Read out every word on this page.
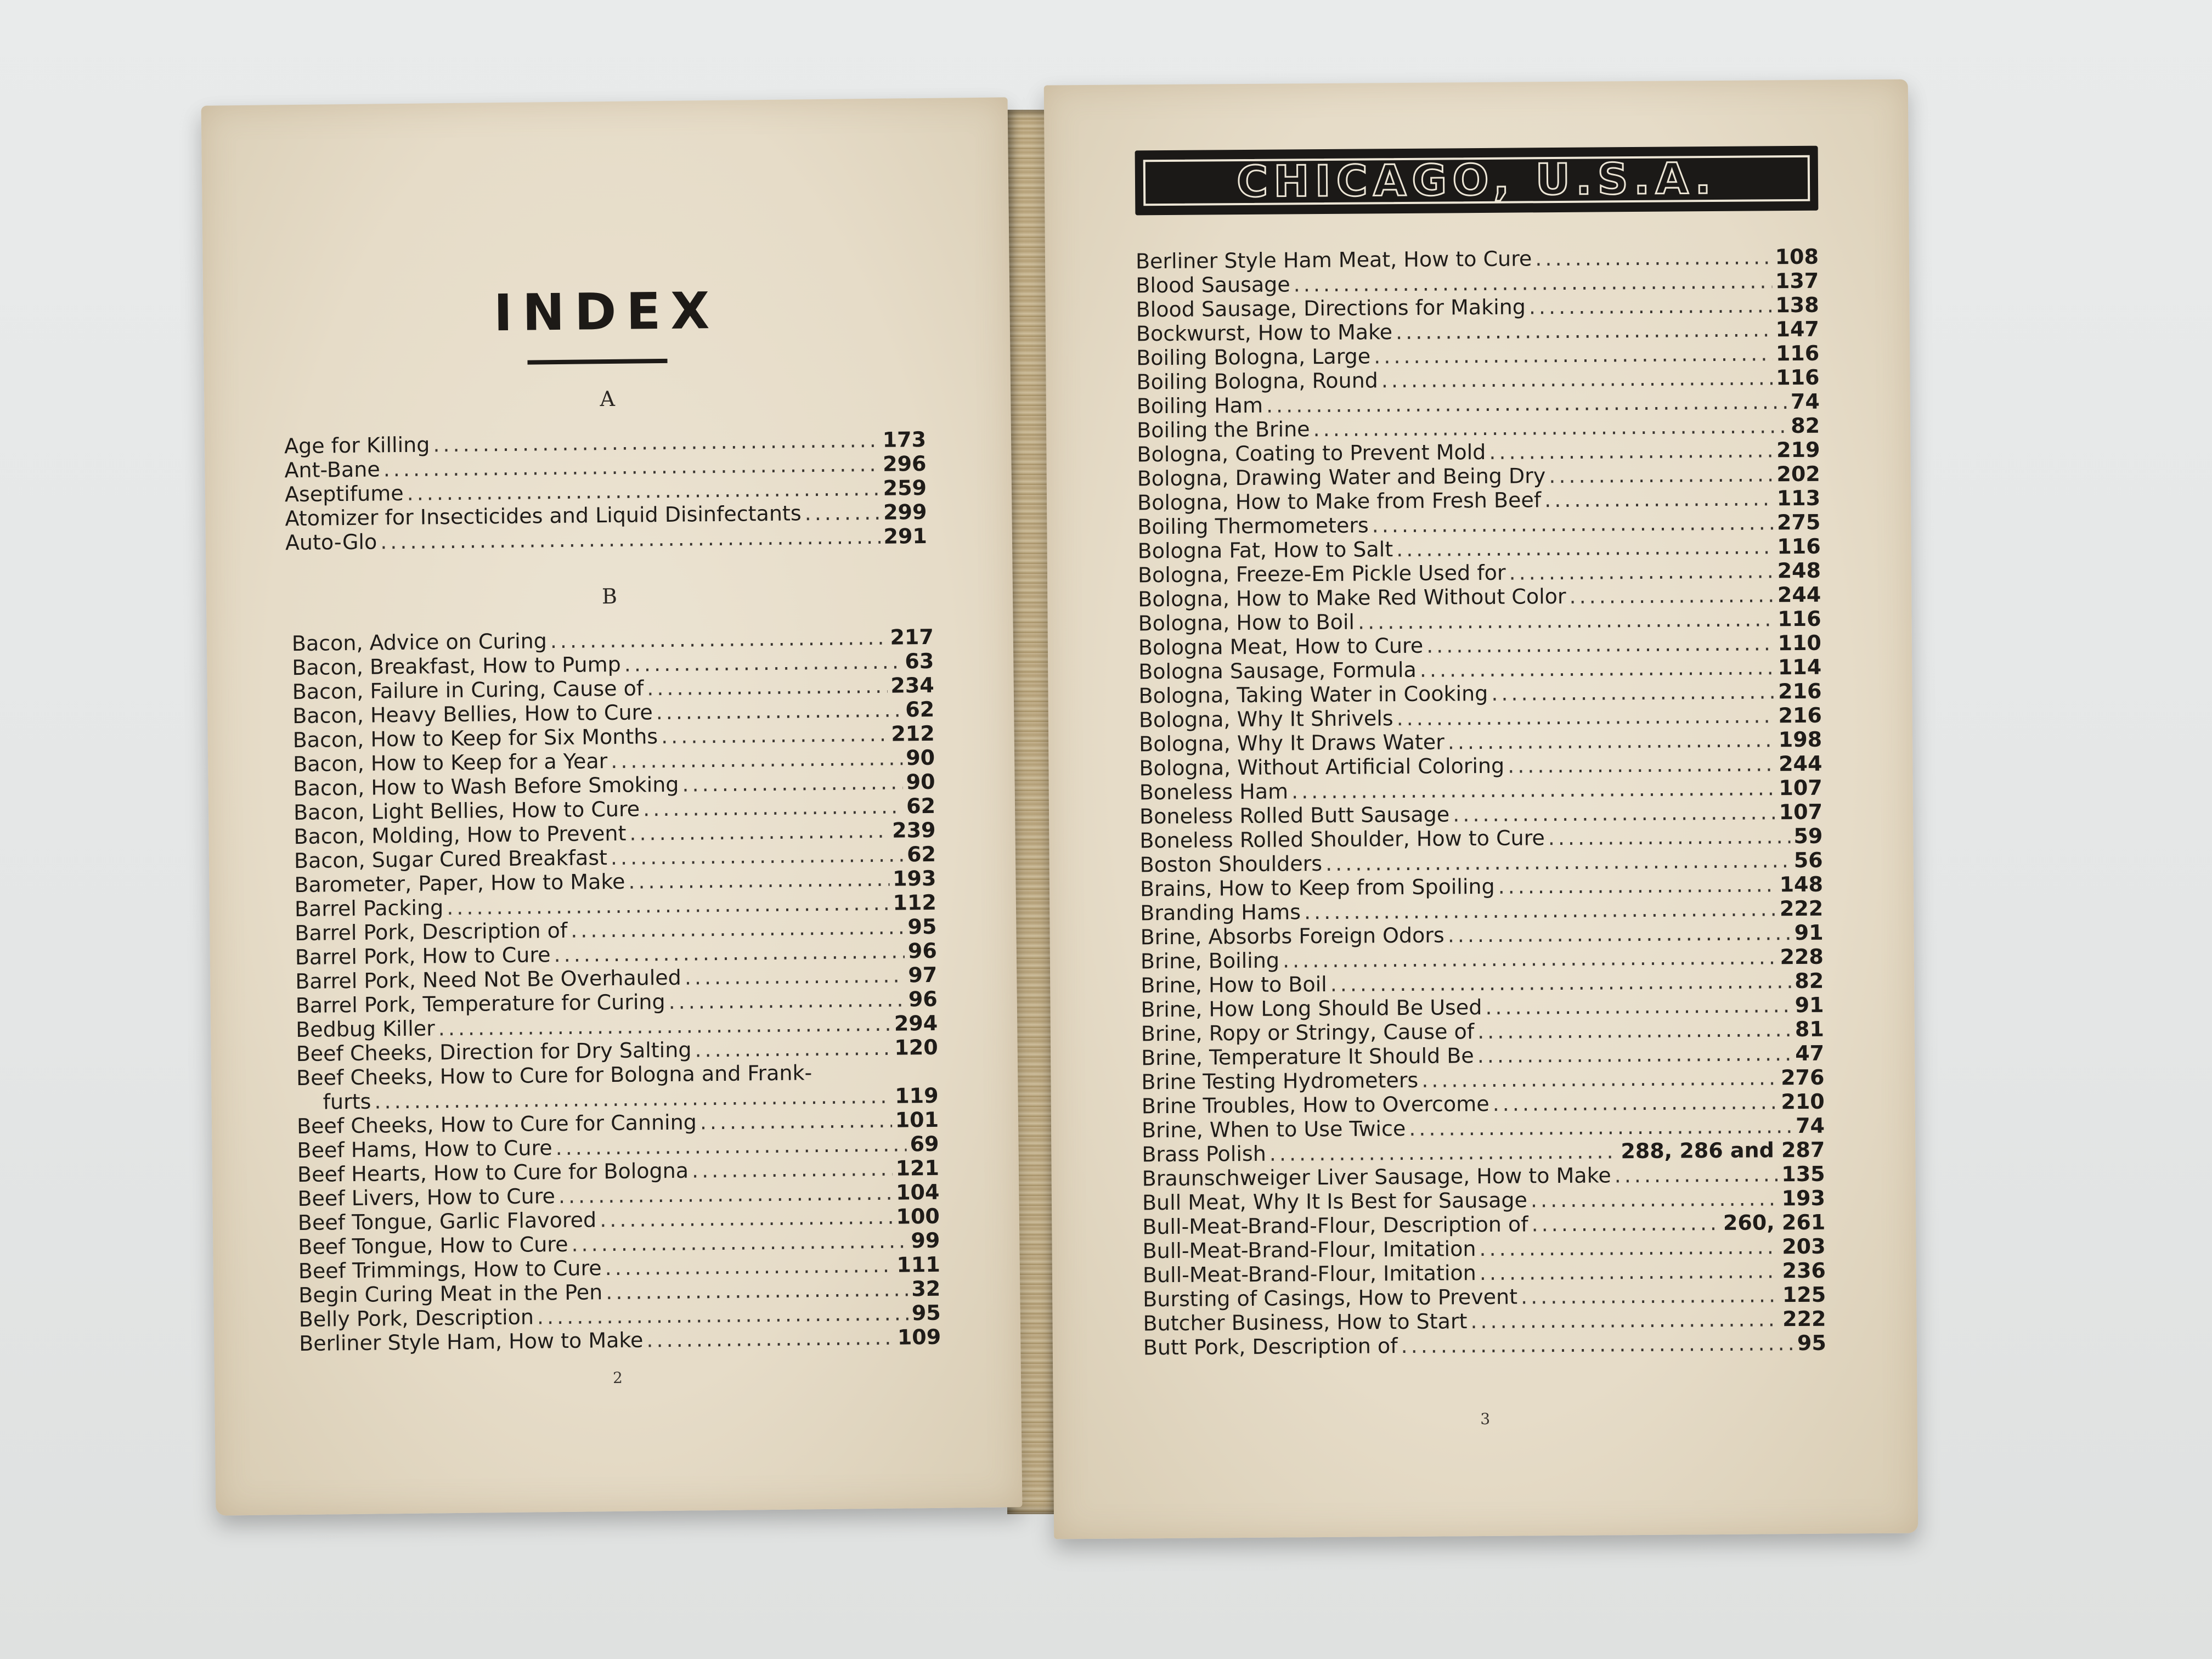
INDEX
A
Age for Killing .....	173
Ant-Bane .....	296
Aseptifume .....	259
Atomizer for Insecticides and Liquid Disinfectants .....	299
Auto-Glo .....	291
B
Bacon, Advice on Curing .....	217
Bacon, Breakfast, How to Pump .....	63
Bacon, Failure in Curing, Cause of .....	234
Bacon, Heavy Bellies, How to Cure .....	62
Bacon, How to Keep for Six Months .....	212
Bacon, How to Keep for a Year .....	90
Bacon, How to Wash Before Smoking .....	90
Bacon, Light Bellies, How to Cure .....	62
Bacon, Molding, How to Prevent .....	239
Bacon, Sugar Cured Breakfast .....	62
Barometer, Paper, How to Make .....	193
Barrel Packing .....	112
Barrel Pork, Description of .....	95
Barrel Pork, How to Cure .....	96
Barrel Pork, Need Not Be Overhauled .....	97
Barrel Pork, Temperature for Curing .....	96
Bedbug Killer .....	294
Beef Cheeks, Direction for Dry Salting .....	120
Beef Cheeks, How to Cure for Bologna and Frank-
furts .....	119
Beef Cheeks, How to Cure for Canning .....	101
Beef Hams, How to Cure .....	69
Beef Hearts, How to Cure for Bologna .....	121
Beef Livers, How to Cure .....	104
Beef Tongue, Garlic Flavored .....	100
Beef Tongue, How to Cure .....	99
Beef Trimmings, How to Cure .....	111
Begin Curing Meat in the Pen .....	32
Belly Pork, Description .....	95
Berliner Style Ham, How to Make .....	109
2
CHICAGO, U.S.A.
Berliner Style Ham Meat, How to Cure .....	108
Blood Sausage .....	137
Blood Sausage, Directions for Making .....	138
Bockwurst, How to Make .....	147
Boiling Bologna, Large .....	116
Boiling Bologna, Round .....	116
Boiling Ham .....	74
Boiling the Brine .....	82
Bologna, Coating to Prevent Mold .....	219
Bologna, Drawing Water and Being Dry .....	202
Bologna, How to Make from Fresh Beef .....	113
Boiling Thermometers .....	275
Bologna Fat, How to Salt .....	116
Bologna, Freeze-Em Pickle Used for .....	248
Bologna, How to Make Red Without Color .....	244
Bologna, How to Boil .....	116
Bologna Meat, How to Cure .....	110
Bologna Sausage, Formula .....	114
Bologna, Taking Water in Cooking .....	216
Bologna, Why It Shrivels .....	216
Bologna, Why It Draws Water .....	198
Bologna, Without Artificial Coloring .....	244
Boneless Ham .....	107
Boneless Rolled Butt Sausage .....	107
Boneless Rolled Shoulder, How to Cure .....	59
Boston Shoulders .....	56
Brains, How to Keep from Spoiling .....	148
Branding Hams .....	222
Brine, Absorbs Foreign Odors .....	91
Brine, Boiling .....	228
Brine, How to Boil .....	82
Brine, How Long Should Be Used .....	91
Brine, Ropy or Stringy, Cause of .....	81
Brine, Temperature It Should Be .....	47
Brine Testing Hydrometers .....	276
Brine Troubles, How to Overcome .....	210
Brine, When to Use Twice .....	74
Brass Polish .....	288, 286 and 287
Braunschweiger Liver Sausage, How to Make .....	135
Bull Meat, Why It Is Best for Sausage .....	193
Bull-Meat-Brand-Flour, Description of .....	260, 261
Bull-Meat-Brand-Flour, Imitation .....	203
Bull-Meat-Brand-Flour, Imitation .....	236
Bursting of Casings, How to Prevent .....	125
Butcher Business, How to Start .....	222
Butt Pork, Description of .....	95
3
